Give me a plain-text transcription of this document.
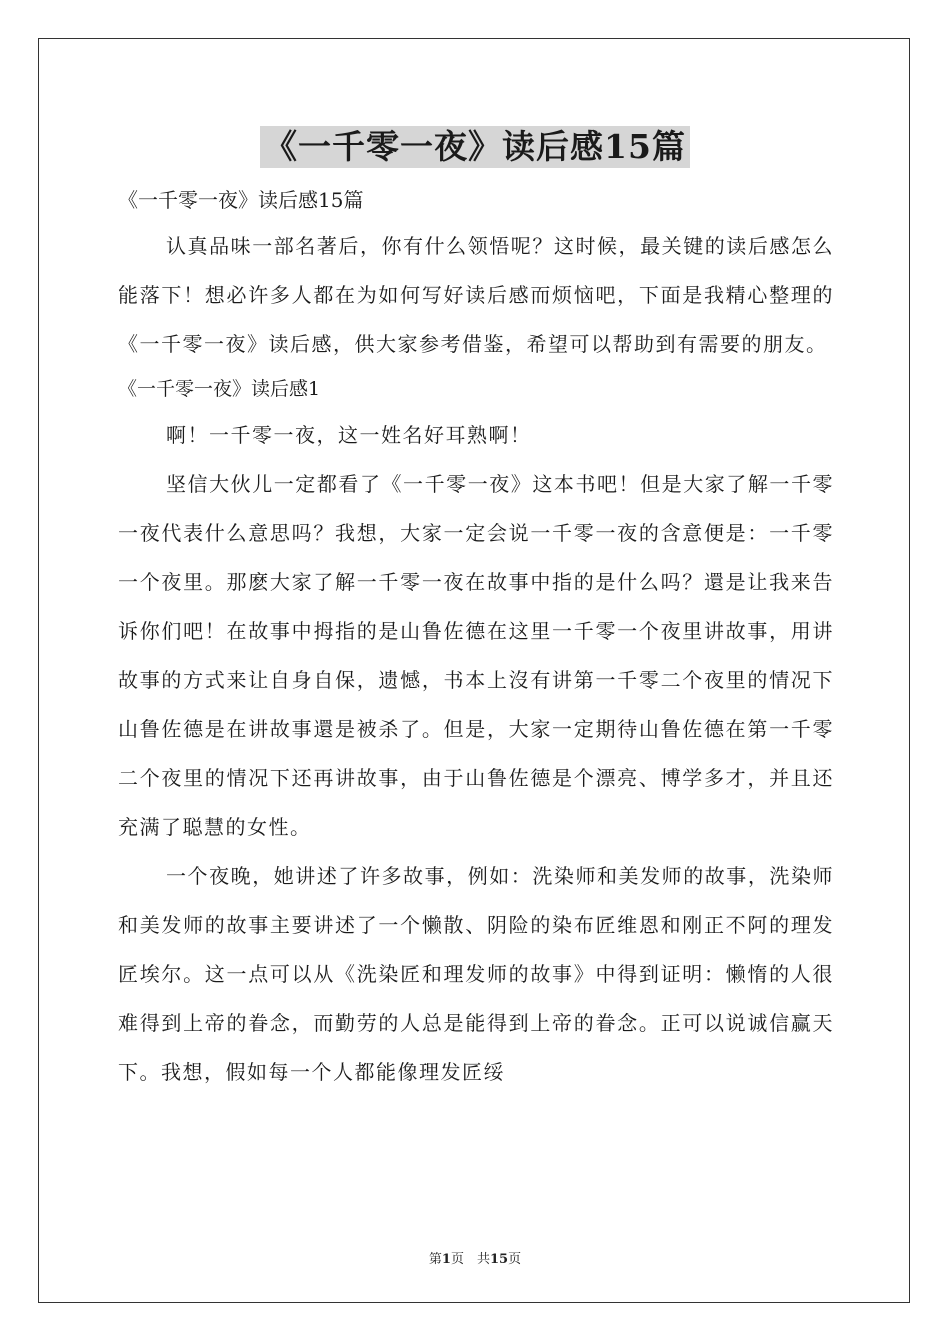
《一千零一夜》读后感15篇
《一千零一夜》读后感15篇

认真品味一部名著后，你有什么领悟呢？这时候，最关键的读后感怎么能落下！想必许多人都在为如何写好读后感而烦恼吧，下面是我精心整理的《一千零一夜》读后感，供大家参考借鉴，希望可以帮助到有需要的朋友。

《一千零一夜》读后感1

啊！一千零一夜，这一姓名好耳熟啊！

坚信大伙儿一定都看了《一千零一夜》这本书吧！但是大家了解一千零一夜代表什么意思吗？我想，大家一定会说一千零一夜的含意便是：一千零一个夜里。那麽大家了解一千零一夜在故事中指的是什么吗？還是让我来告诉你们吧！在故事中拇指的是山鲁佐德在这里一千零一个夜里讲故事，用讲故事的方式来让自身自保，遗憾，书本上沒有讲第一千零二个夜里的情况下山鲁佐德是在讲故事還是被杀了。但是，大家一定期待山鲁佐德在第一千零二个夜里的情况下还再讲故事，由于山鲁佐德是个漂亮、博学多才，并且还充满了聪慧的女性。

一个夜晚，她讲述了许多故事，例如：洗染师和美发师的故事，洗染师和美发师的故事主要讲述了一个懒散、阴险的染布匠维恩和刚正不阿的理发匠埃尔。这一点可以从《洗染匠和理发师的故事》中得到证明：懒惰的人很难得到上帝的眷念，而勤劳的人总是能得到上帝的眷念。正可以说诚信赢天下。我想，假如每一个人都能像理发匠绥

第1页　共15页
